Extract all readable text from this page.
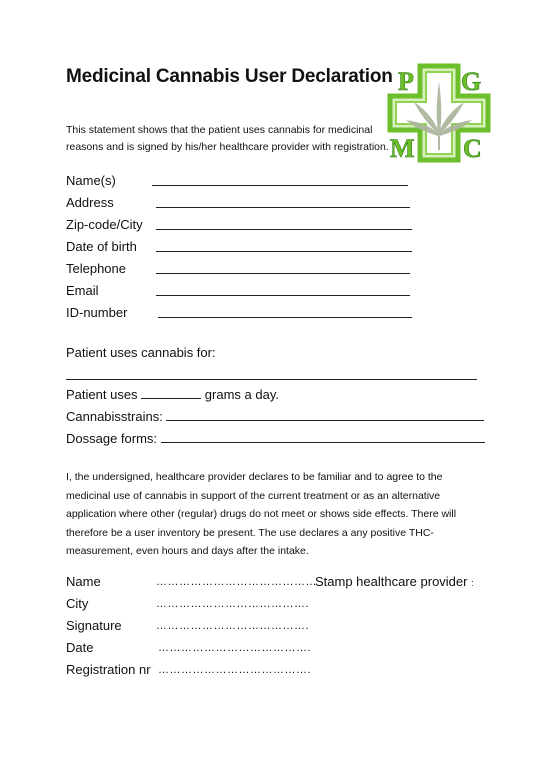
Medicinal Cannabis User Declaration
This statement shows that the patient uses cannabis for medicinal reasons and is signed by his/her healthcare provider with registration.
P G
M C
Name(s)
Address
Zip-code/City
Date of birth
Telephone
Email
ID-number
Patient uses cannabis for:
Patient uses	grams a day.
Cannabisstrains:
Dossage forms:
I, the undersigned, healthcare provider declares to be familiar and to agree to the medicinal use of cannabis in support of the current treatment or as an alternative application where other (regular) drugs do not meet or shows side effects. There will therefore be a user inventory be present. The use declares a any positive THC-measurement, even hours and days after the intake.
Name	……………………………………
City	………………………………….
Signature	………………………………….
Date	………………………………….
Registration nr ………………………………….
Stamp healthcare provider :
